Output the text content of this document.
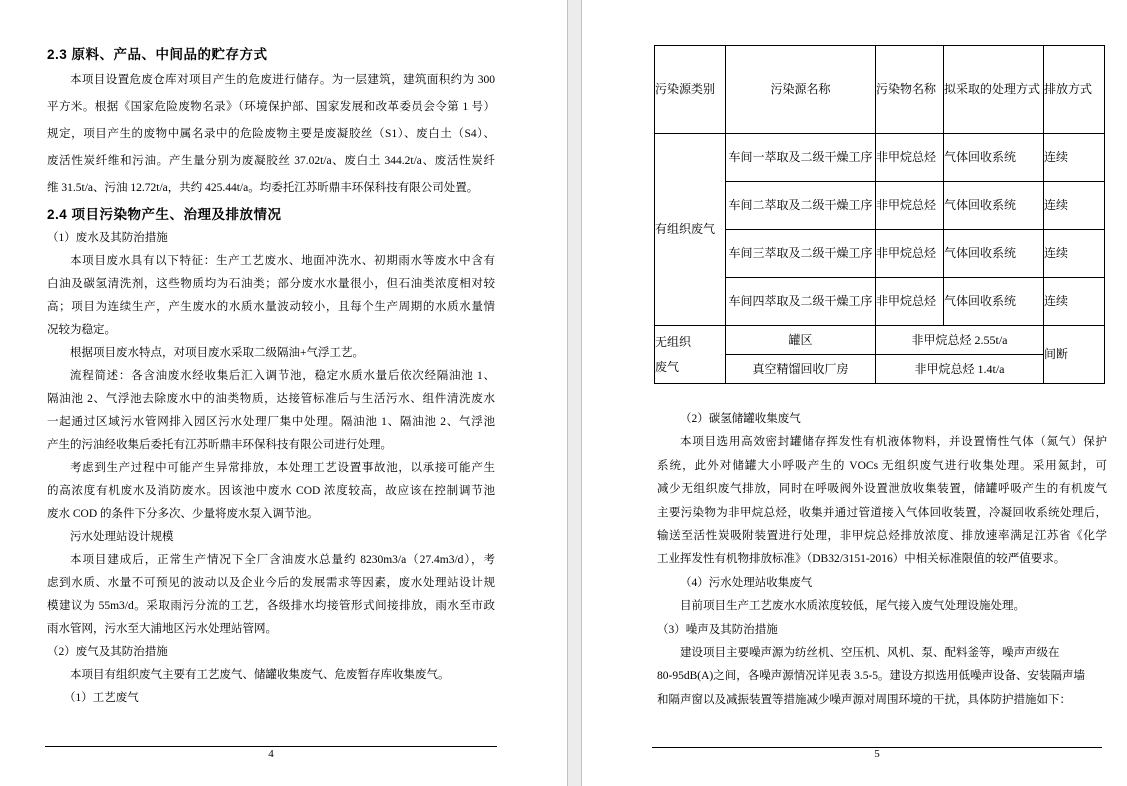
2.3 原料、产品、中间品的贮存方式
本项目设置危废仓库对项目产生的危废进行储存。为一层建筑，建筑面积约为 300
平方米。根据《国家危险废物名录》（环境保护部、国家发展和改革委员会令第 1 号）
规定，项目产生的废物中属名录中的危险废物主要是废凝胶丝（S1）、废白土（S4）、
废活性炭纤维和污油。产生量分别为废凝胶丝 37.02t/a、废白土 344.2t/a、废活性炭纤
维 31.5t/a、污油 12.72t/a，共约 425.44t/a。均委托江苏昕鼎丰环保科技有限公司处置。
2.4 项目污染物产生、治理及排放情况
（1）废水及其防治措施
本项目废水具有以下特征：生产工艺废水、地面冲洗水、初期雨水等废水中含有
白油及碳氢清洗剂，这些物质均为石油类；部分废水水量很小，但石油类浓度相对较
高；项目为连续生产，产生废水的水质水量波动较小，且每个生产周期的水质水量情
况较为稳定。
根据项目废水特点，对项目废水采取二级隔油+气浮工艺。
流程简述：各含油废水经收集后汇入调节池，稳定水质水量后依次经隔油池 1、
隔油池 2、气浮池去除废水中的油类物质，达接管标准后与生活污水、组件清洗废水
一起通过区域污水管网排入园区污水处理厂集中处理。隔油池 1、隔油池 2、气浮池
产生的污油经收集后委托有江苏昕鼎丰环保科技有限公司进行处理。
考虑到生产过程中可能产生异常排放，本处理工艺设置事故池，以承接可能产生
的高浓度有机废水及消防废水。因该池中废水 COD 浓度较高，故应该在控制调节池
废水 COD 的条件下分多次、少量将废水泵入调节池。
污水处理站设计规模
本项目建成后，正常生产情况下全厂含油废水总量约 8230m3/a（27.4m3/d），考
虑到水质、水量不可预见的波动以及企业今后的发展需求等因素，废水处理站设计规
模建议为 55m3/d。采取雨污分流的工艺，各级排水均接管形式间接排放，雨水至市政
雨水管网，污水至大浦地区污水处理站管网。
（2）废气及其防治措施
本项目有组织废气主要有工艺废气、储罐收集废气、危废暂存库收集废气。
（1）工艺废气
4
污染源类别	污染源名称	污染物名称	拟采取的处理方式	排放方式
有组织废气	车间一萃取及二级干燥工序	非甲烷总烃	气体回收系统	连续
	车间二萃取及二级干燥工序	非甲烷总烃	气体回收系统	连续
	车间三萃取及二级干燥工序	非甲烷总烃	气体回收系统	连续
	车间四萃取及二级干燥工序	非甲烷总烃	气体回收系统	连续
无组织
废气	罐区	非甲烷总烃 2.55t/a		间断
	真空精馏回收厂房	非甲烷总烃 1.4t/a		
（2）碳氢储罐收集废气
本项目选用高效密封罐储存挥发性有机液体物料，并设置惰性气体（氮气）保护
系统，此外对储罐大小呼吸产生的 VOCs 无组织废气进行收集处理。采用氮封，可
减少无组织废气排放，同时在呼吸阀外设置泄放收集装置，储罐呼吸产生的有机废气
主要污染物为非甲烷总烃，收集并通过管道接入气体回收装置，冷凝回收系统处理后，
输送至活性炭吸附装置进行处理，非甲烷总烃排放浓度、排放速率满足江苏省《化学
工业挥发性有机物排放标准》（DB32/3151-2016）中相关标准限值的较严值要求。
（4）污水处理站收集废气
目前项目生产工艺废水水质浓度较低，尾气接入废气处理设施处理。
（3）噪声及其防治措施
建设项目主要噪声源为纺丝机、空压机、风机、泵、配料釜等，噪声声级在
80-95dB(A)之间，各噪声源情况详见表 3.5-5。建设方拟选用低噪声设备、安装隔声墙
和隔声窗以及减振装置等措施减少噪声源对周围环境的干扰，具体防护措施如下：
5
